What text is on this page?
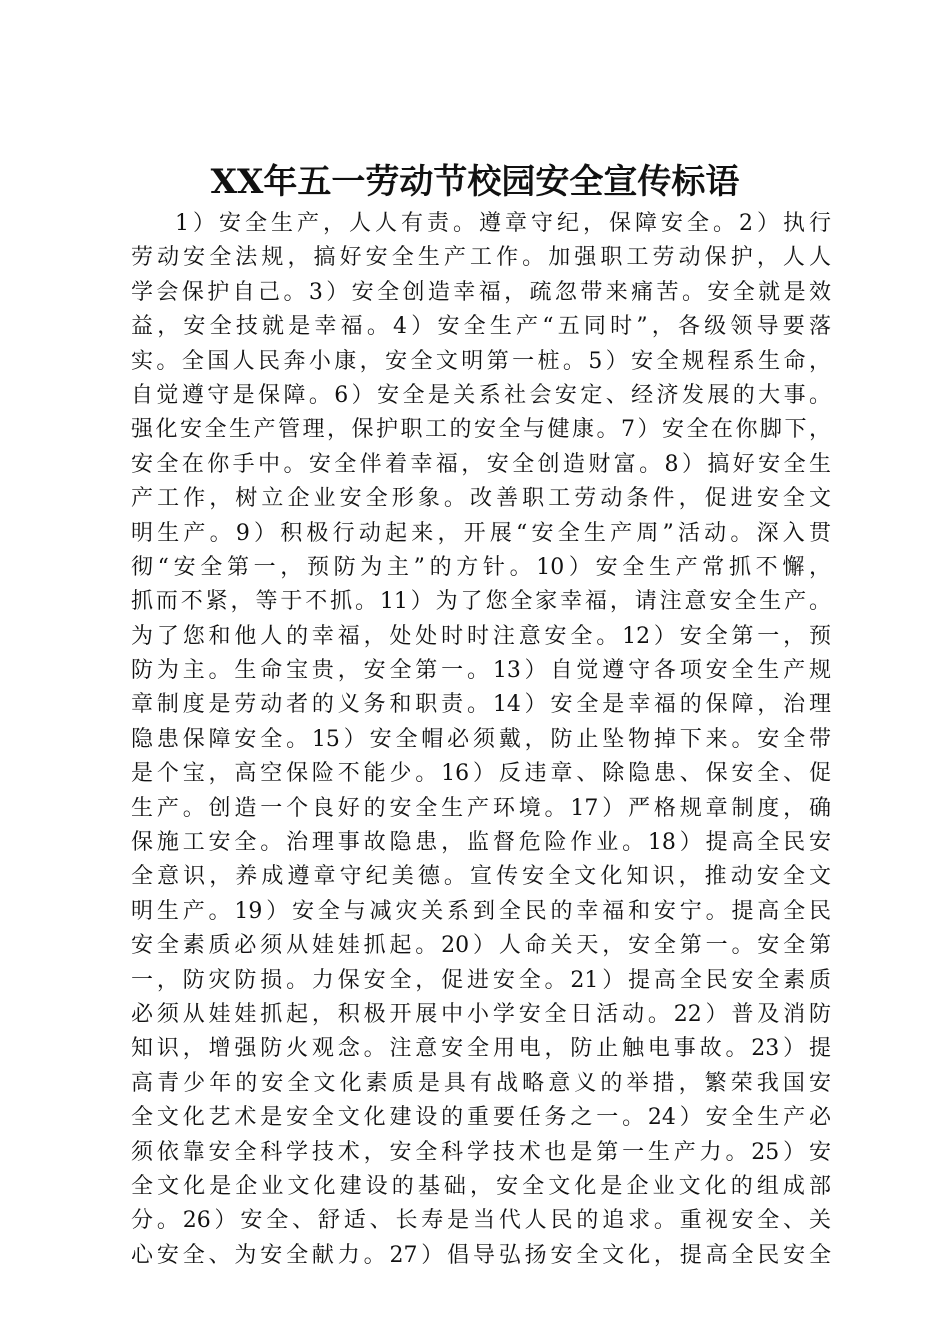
XX年五一劳动节校园安全宣传标语
1）安全生产，人人有责。遵章守纪，保障安全。2）执行
劳动安全法规，搞好安全生产工作。加强职工劳动保护，人人
学会保护自己。3）安全创造幸福，疏忽带来痛苦。安全就是效
益，安全技就是幸福。4）安全生产“五同时”，各级领导要落
实。全国人民奔小康，安全文明第一桩。5）安全规程系生命，
自觉遵守是保障。6）安全是关系社会安定、经济发展的大事。
强化安全生产管理，保护职工的安全与健康。7）安全在你脚下，
安全在你手中。安全伴着幸福，安全创造财富。8）搞好安全生
产工作，树立企业安全形象。改善职工劳动条件，促进安全文
明生产。9）积极行动起来，开展“安全生产周”活动。深入贯
彻“安全第一，预防为主”的方针。10）安全生产常抓不懈，
抓而不紧，等于不抓。11）为了您全家幸福，请注意安全生产。
为了您和他人的幸福，处处时时注意安全。12）安全第一，预
防为主。生命宝贵，安全第一。13）自觉遵守各项安全生产规
章制度是劳动者的义务和职责。14）安全是幸福的保障，治理
隐患保障安全。15）安全帽必须戴，防止坠物掉下来。安全带
是个宝，高空保险不能少。16）反违章、除隐患、保安全、促
生产。创造一个良好的安全生产环境。17）严格规章制度，确
保施工安全。治理事故隐患，监督危险作业。18）提高全民安
全意识，养成遵章守纪美德。宣传安全文化知识，推动安全文
明生产。19）安全与减灾关系到全民的幸福和安宁。提高全民
安全素质必须从娃娃抓起。20）人命关天，安全第一。安全第
一，防灾防损。力保安全，促进安全。21）提高全民安全素质
必须从娃娃抓起，积极开展中小学安全日活动。22）普及消防
知识，增强防火观念。注意安全用电，防止触电事故。23）提
高青少年的安全文化素质是具有战略意义的举措，繁荣我国安
全文化艺术是安全文化建设的重要任务之一。24）安全生产必
须依靠安全科学技术，安全科学技术也是第一生产力。25）安
全文化是企业文化建设的基础，安全文化是企业文化的组成部
分。26）安全、舒适、长寿是当代人民的追求。重视安全、关
心安全、为安全献力。27）倡导弘扬安全文化，提高全民安全
